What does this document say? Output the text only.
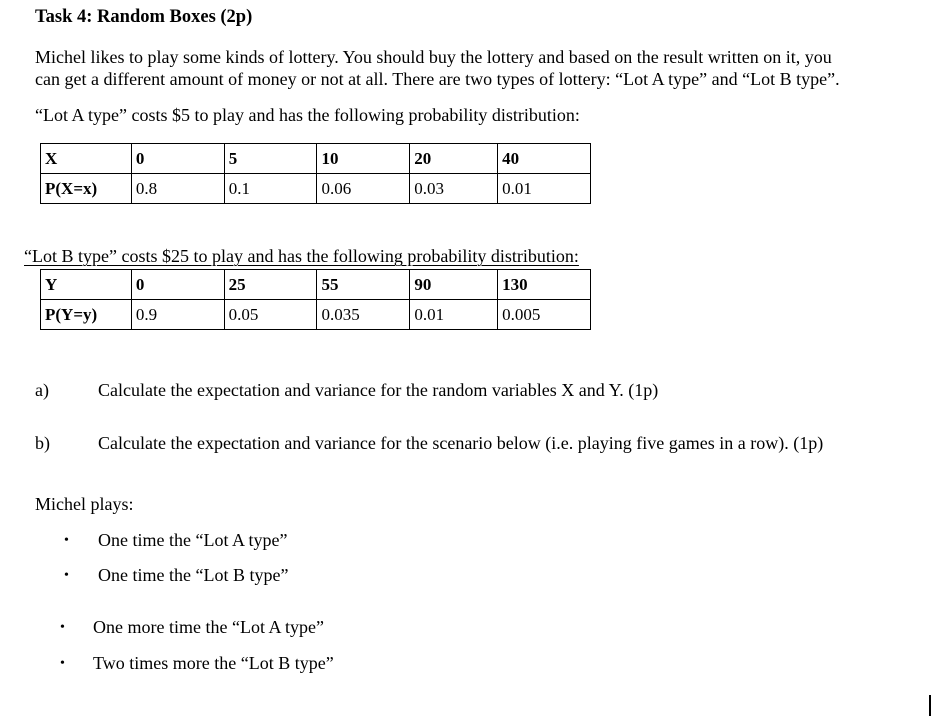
Task 4: Random Boxes (2p)
Michel likes to play some kinds of lottery. You should buy the lottery and based on the result written on it, you
can get a different amount of money or not at all. There are two types of lottery: “Lot A type” and “Lot B type”.
“Lot A type” costs $5 to play and has the following probability distribution:
X	0	5	10	20	40
P(X=x)	0.8	0.1	0.06	0.03	0.01
“Lot B type” costs $25 to play and has the following probability distribution:
Y	0	25	55	90	130
P(Y=y)	0.9	0.05	0.035	0.01	0.005
a)	Calculate the expectation and variance for the random variables X and Y. (1p)
b)	Calculate the expectation and variance for the scenario below (i.e. playing five games in a row). (1p)
Michel plays:
• One time the “Lot A type”
• One time the “Lot B type”
• One more time the “Lot A type”
• Two times more the “Lot B type”
